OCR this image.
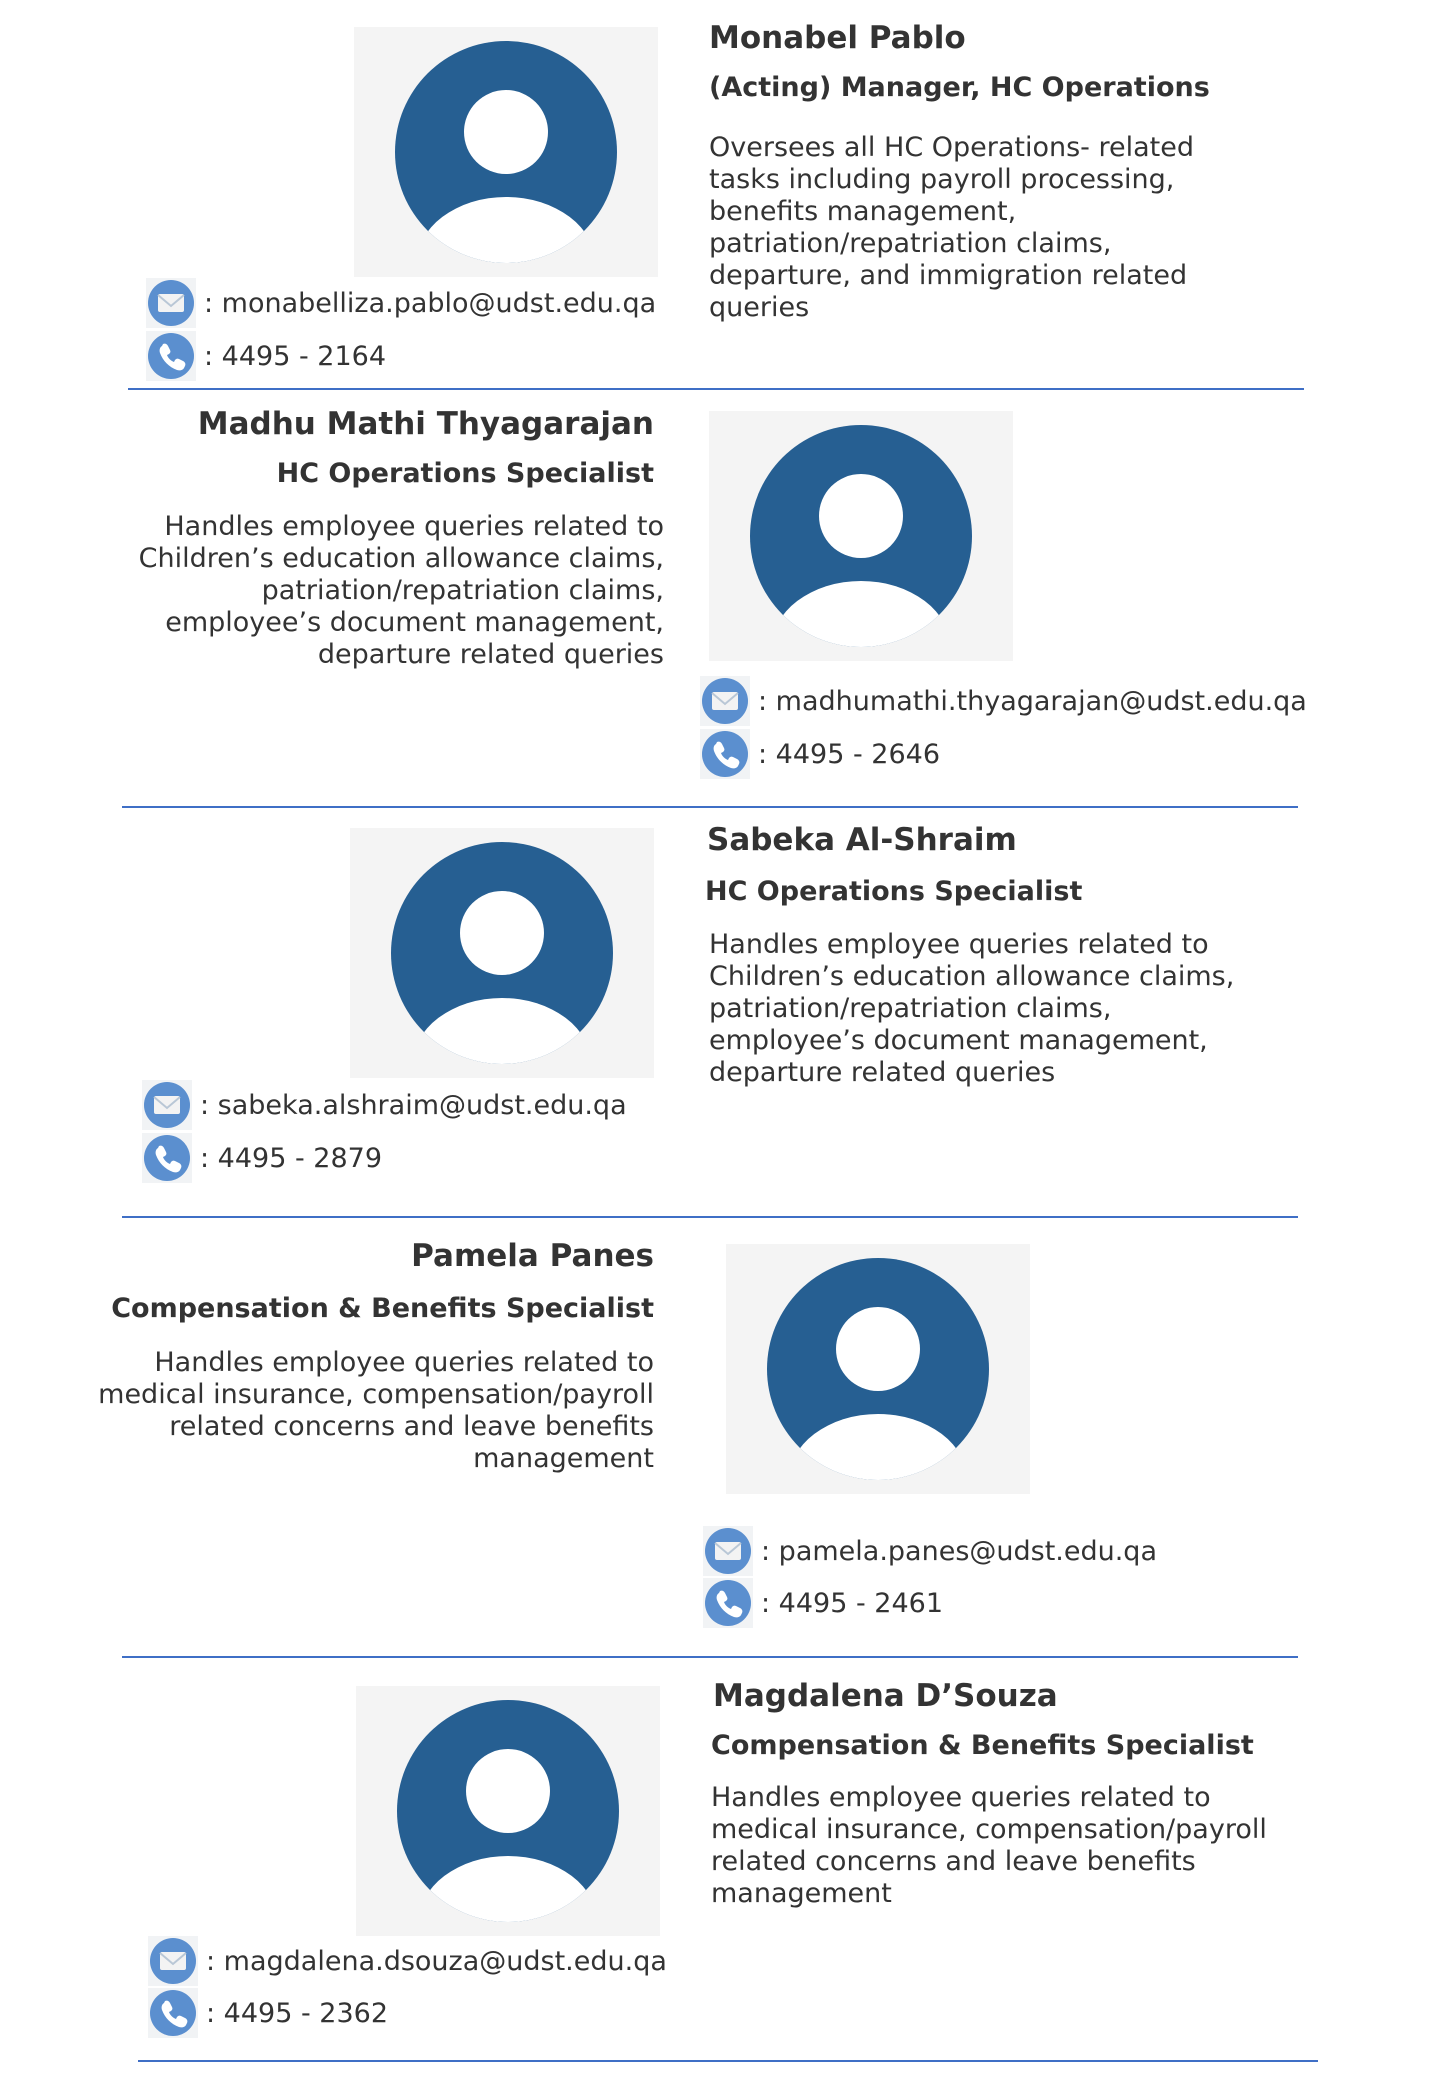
Monabel Pablo
(Acting) Manager, HC Operations
Oversees all HC Operations- related tasks including payroll processing, benefits management, patriation/repatriation claims, departure, and immigration related queries
: monabelliza.pablo@udst.edu.qa
: 4495 - 2164
Madhu Mathi Thyagarajan
HC Operations Specialist
Handles employee queries related to Children’s education allowance claims, patriation/repatriation claims, employee’s document management, departure related queries
: madhumathi.thyagarajan@udst.edu.qa
: 4495 - 2646
Sabeka Al-Shraim
HC Operations Specialist
Handles employee queries related to Children’s education allowance claims, patriation/repatriation claims, employee’s document management, departure related queries
: sabeka.alshraim@udst.edu.qa
: 4495 - 2879
Pamela Panes
Compensation & Benefits Specialist
Handles employee queries related to medical insurance, compensation/payroll related concerns and leave benefits management
: pamela.panes@udst.edu.qa
: 4495 - 2461
Magdalena D’Souza
Compensation & Benefits Specialist
Handles employee queries related to medical insurance, compensation/payroll related concerns and leave benefits management
: magdalena.dsouza@udst.edu.qa
: 4495 - 2362
